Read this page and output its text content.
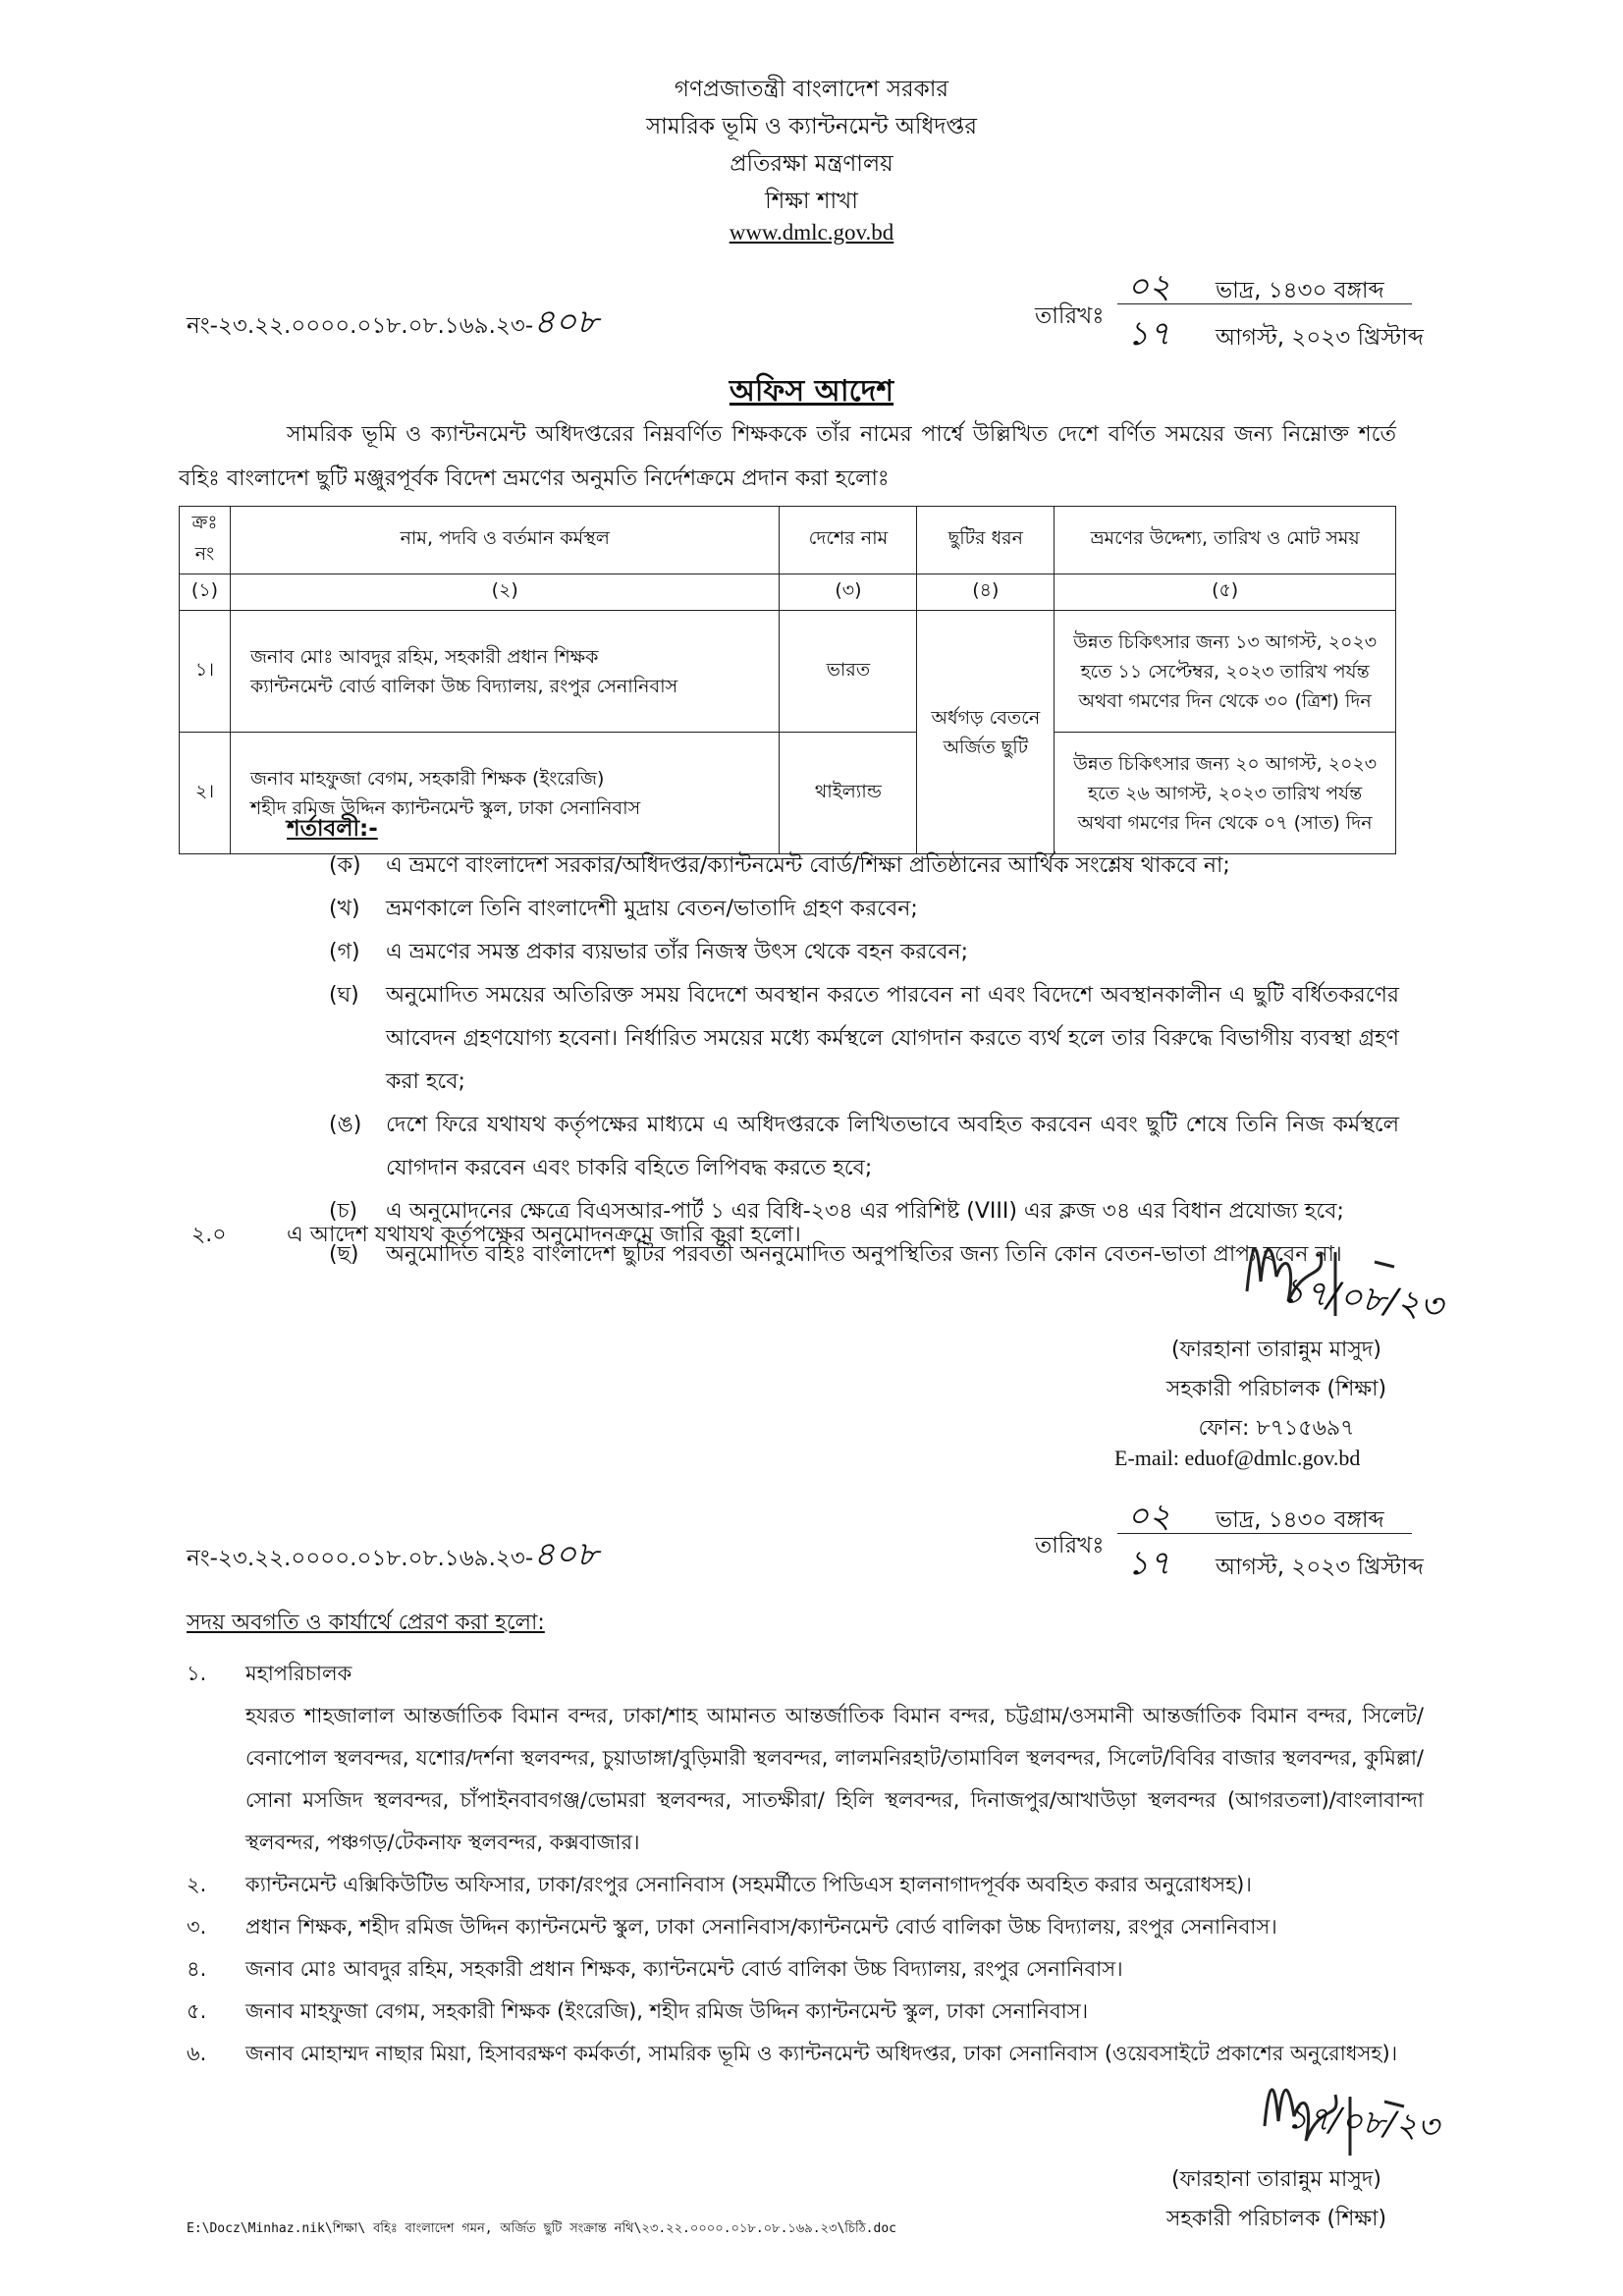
গণপ্রজাতন্ত্রী বাংলাদেশ সরকার
সামরিক ভূমি ও ক্যান্টনমেন্ট অধিদপ্তর
প্রতিরক্ষা মন্ত্রণালয়
শিক্ষা শাখা
www.dmlc.gov.bd
নং-২৩.২২.০০০০.০১৮.০৮.১৬৯.২৩-৪০৮	তারিখঃ
০২ ভাদ্র, ১৪৩০ বঙ্গাব্দ
১৭ আগস্ট, ২০২৩ খ্রিস্টাব্দ
অফিস আদেশ
সামরিক ভূমি ও ক্যান্টনমেন্ট অধিদপ্তরের নিম্নবর্ণিত শিক্ষককে তাঁর নামের পার্শ্বে উল্লিখিত দেশে বর্ণিত সময়ের জন্য নিম্নোক্ত শর্তে বহিঃ বাংলাদেশ ছুটি মঞ্জুরপূর্বক বিদেশ ভ্রমণের অনুমতি নির্দেশক্রমে প্রদান করা হলোঃ
ক্রঃ নং	নাম, পদবি ও বর্তমান কর্মস্থল	দেশের নাম	ছুটির ধরন	ভ্রমণের উদ্দেশ্য, তারিখ ও মোট সময়
(১)	(২)	(৩)	(৪)	(৫)
১।	জনাব মোঃ আবদুর রহিম, সহকারী প্রধান শিক্ষক
ক্যান্টনমেন্ট বোর্ড বালিকা উচ্চ বিদ্যালয়, রংপুর সেনানিবাস	ভারত	অর্ধগড় বেতনে অর্জিত ছুটি	উন্নত চিকিৎসার জন্য ১৩ আগস্ট, ২০২৩ হতে ১১ সেপ্টেম্বর, ২০২৩ তারিখ পর্যন্ত অথবা গমণের দিন থেকে ৩০ (ত্রিশ) দিন
২।	জনাব মাহফুজা বেগম, সহকারী শিক্ষক (ইংরেজি)
শহীদ রমিজ উদ্দিন ক্যান্টনমেন্ট স্কুল, ঢাকা সেনানিবাস	থাইল্যান্ড		উন্নত চিকিৎসার জন্য ২০ আগস্ট, ২০২৩ হতে ২৬ আগস্ট, ২০২৩ তারিখ পর্যন্ত অথবা গমণের দিন থেকে ০৭ (সাত) দিন
শর্তাবলী:-
(ক) এ ভ্রমণে বাংলাদেশ সরকার/অধিদপ্তর/ক্যান্টনমেন্ট বোর্ড/শিক্ষা প্রতিষ্ঠানের আর্থিক সংশ্লেষ থাকবে না;
(খ) ভ্রমণকালে তিনি বাংলাদেশী মুদ্রায় বেতন/ভাতাদি গ্রহণ করবেন;
(গ) এ ভ্রমণের সমস্ত প্রকার ব্যয়ভার তাঁর নিজস্ব উৎস থেকে বহন করবেন;
(ঘ) অনুমোদিত সময়ের অতিরিক্ত সময় বিদেশে অবস্থান করতে পারবেন না এবং বিদেশে অবস্থানকালীন এ ছুটি বর্ধিতকরণের আবেদন গ্রহণযোগ্য হবেনা। নির্ধারিত সময়ের মধ্যে কর্মস্থলে যোগদান করতে ব্যর্থ হলে তার বিরুদ্ধে বিভাগীয় ব্যবস্থা গ্রহণ করা হবে;
(ঙ) দেশে ফিরে যথাযথ কর্তৃপক্ষের মাধ্যমে এ অধিদপ্তরকে লিখিতভাবে অবহিত করবেন এবং ছুটি শেষে তিনি নিজ কর্মস্থলে যোগদান করবেন এবং চাকরি বহিতে লিপিবদ্ধ করতে হবে;
(চ) এ অনুমোদনের ক্ষেত্রে বিএসআর-পার্ট ১ এর বিধি-২৩৪ এর পরিশিষ্ট (VIII) এর ক্লজ ৩৪ এর বিধান প্রযোজ্য হবে;
(ছ) অনুমোদিত বহিঃ বাংলাদেশ ছুটির পরবর্তী অননুমোদিত অনুপস্থিতির জন্য তিনি কোন বেতন-ভাতা প্রাপ্য হবেন না।
২.০	এ আদেশ যথাযথ কর্তৃপক্ষের অনুমোদনক্রমে জারি করা হলো।
১৭/০৮/২৩
(ফারহানা তারান্নুম মাসুদ)
সহকারী পরিচালক (শিক্ষা)
ফোন: ৮৭১৫৬৯৭
E-mail: eduof@dmlc.gov.bd
নং-২৩.২২.০০০০.০১৮.০৮.১৬৯.২৩-৪০৮	তারিখঃ
০২ ভাদ্র, ১৪৩০ বঙ্গাব্দ
১৭ আগস্ট, ২০২৩ খ্রিস্টাব্দ
সদয় অবগতি ও কার্যার্থে প্রেরণ করা হলো:
১. মহাপরিচালক
হযরত শাহজালাল আন্তর্জাতিক বিমান বন্দর, ঢাকা/শাহ আমানত আন্তর্জাতিক বিমান বন্দর, চট্টগ্রাম/ওসমানী আন্তর্জাতিক বিমান বন্দর, সিলেট/বেনাপোল স্থলবন্দর, যশোর/দর্শনা স্থলবন্দর, চুয়াডাঙ্গা/বুড়িমারী স্থলবন্দর, লালমনিরহাট/তামাবিল স্থলবন্দর, সিলেট/বিবির বাজার স্থলবন্দর, কুমিল্লা/সোনা মসজিদ স্থলবন্দর, চাঁপাইনবাবগঞ্জ/ভোমরা স্থলবন্দর, সাতক্ষীরা/ হিলি স্থলবন্দর, দিনাজপুর/আখাউড়া স্থলবন্দর (আগরতলা)/বাংলাবান্দা স্থলবন্দর, পঞ্চগড়/টেকনাফ স্থলবন্দর, কক্সবাজার।
২. ক্যান্টনমেন্ট এক্সিকিউটিভ অফিসার, ঢাকা/রংপুর সেনানিবাস (সহমর্মীতে পিডিএস হালনাগাদপূর্বক অবহিত করার অনুরোধসহ)।
৩. প্রধান শিক্ষক, শহীদ রমিজ উদ্দিন ক্যান্টনমেন্ট স্কুল, ঢাকা সেনানিবাস/ক্যান্টনমেন্ট বোর্ড বালিকা উচ্চ বিদ্যালয়, রংপুর সেনানিবাস।
৪. জনাব মোঃ আবদুর রহিম, সহকারী প্রধান শিক্ষক, ক্যান্টনমেন্ট বোর্ড বালিকা উচ্চ বিদ্যালয়, রংপুর সেনানিবাস।
৫. জনাব মাহফুজা বেগম, সহকারী শিক্ষক (ইংরেজি), শহীদ রমিজ উদ্দিন ক্যান্টনমেন্ট স্কুল, ঢাকা সেনানিবাস।
৬. জনাব মোহাম্মদ নাছার মিয়া, হিসাবরক্ষণ কর্মকর্তা, সামরিক ভূমি ও ক্যান্টনমেন্ট অধিদপ্তর, ঢাকা সেনানিবাস (ওয়েবসাইটে প্রকাশের অনুরোধসহ)।
১৭/০৮/২৩
(ফারহানা তারান্নুম মাসুদ)
সহকারী পরিচালক (শিক্ষা)
E:\Docz\Minhaz.nik\শিক্ষা\ বহিঃ বাংলাদেশ গমন, অর্জিত ছুটি সংক্রান্ত নথি\২৩.২২.০০০০.০১৮.০৮.১৬৯.২৩\চিঠি.doc
